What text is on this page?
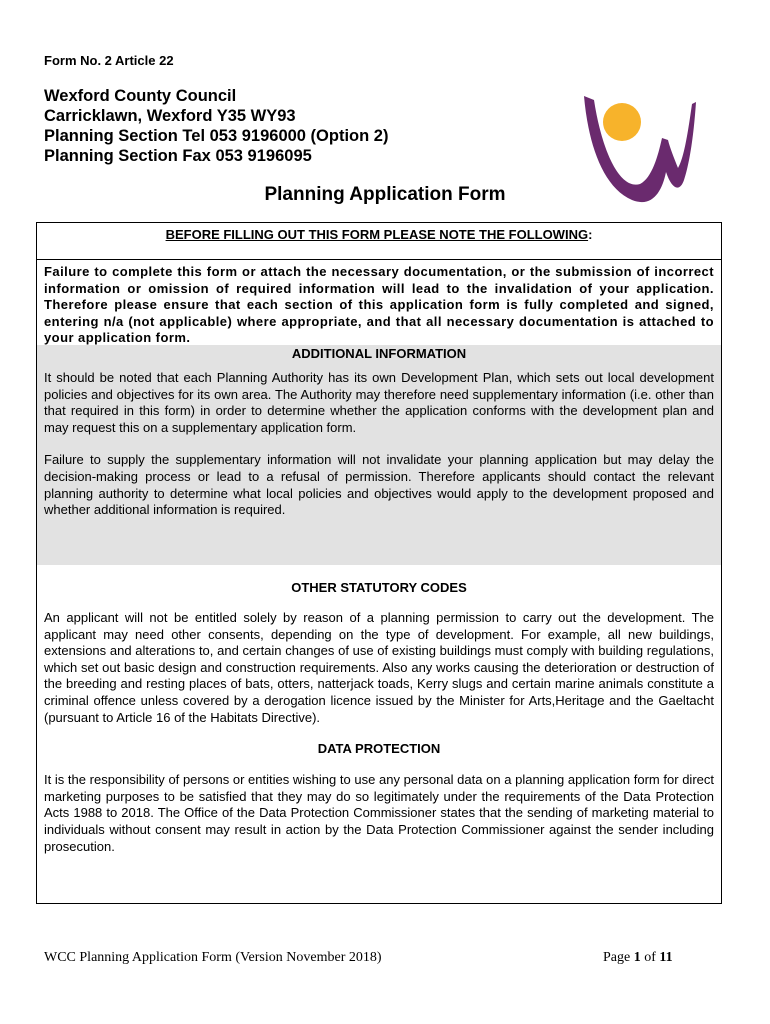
Form No. 2 Article 22
Wexford County Council
Carricklawn, Wexford Y35 WY93
Planning Section Tel 053 9196000 (Option 2)
Planning Section Fax 053 9196095
Planning Application Form
BEFORE FILLING OUT THIS FORM PLEASE NOTE THE FOLLOWING:
Failure to complete this form or attach the necessary documentation, or the submission of incorrect information or omission of required information will lead to the invalidation of your application. Therefore please ensure that each section of this application form is fully completed and signed, entering n/a (not applicable) where appropriate, and that all necessary documentation is attached to your application form.
ADDITIONAL INFORMATION

It should be noted that each Planning Authority has its own Development Plan, which sets out local development policies and objectives for its own area. The Authority may therefore need supplementary information (i.e. other than that required in this form) in order to determine whether the application conforms with the development plan and may request this on a supplementary application form.

Failure to supply the supplementary information will not invalidate your planning application but may delay the decision-making process or lead to a refusal of permission. Therefore applicants should contact the relevant planning authority to determine what local policies and objectives would apply to the development proposed and whether additional information is required.

OTHER STATUTORY CODES

An applicant will not be entitled solely by reason of a planning permission to carry out the development. The applicant may need other consents, depending on the type of development. For example, all new buildings, extensions and alterations to, and certain changes of use of existing buildings must comply with building regulations, which set out basic design and construction requirements. Also any works causing the deterioration or destruction of the breeding and resting places of bats, otters, natterjack toads, Kerry slugs and certain marine animals constitute a criminal offence unless covered by a derogation licence issued by the Minister for Arts,Heritage and the Gaeltacht (pursuant to Article 16 of the Habitats Directive).

DATA PROTECTION

It is the responsibility of persons or entities wishing to use any personal data on a planning application form for direct marketing purposes to be satisfied that they may do so legitimately under the requirements of the Data Protection Acts 1988 to 2018. The Office of the Data Protection Commissioner states that the sending of marketing material to individuals without consent may result in action by the Data Protection Commissioner against the sender including prosecution.

WCC Planning Application Form (Version November 2018)	Page 1 of 11
